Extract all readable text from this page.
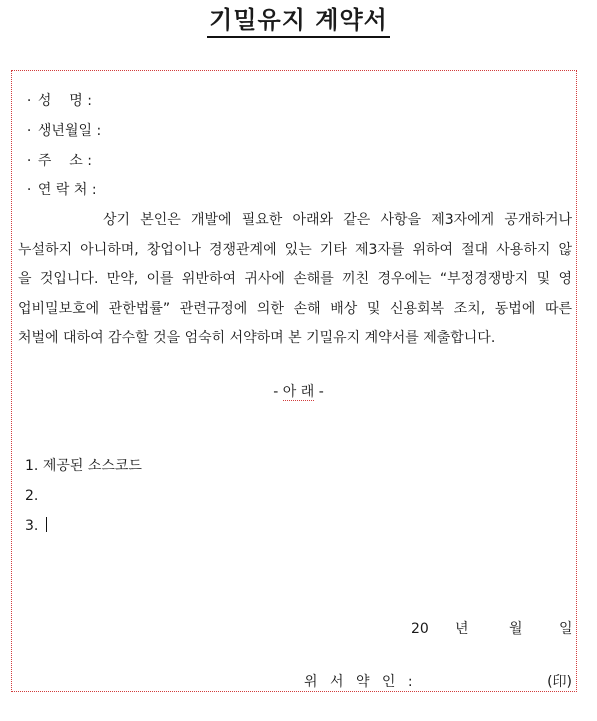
기밀유지 계약서

· 성    명 :

· 생년월일 :

· 주    소 :

· 연 락 처 :

상기 본인은 개발에 필요한 아래와 같은 사항을 제3자에게 공개하거나
누설하지 아니하며, 창업이나 경쟁관계에 있는 기타 제3자를 위하여 절대 사용하지 않
을 것입니다. 만약, 이를 위반하여 귀사에 손해를 끼친 경우에는 “부정경쟁방지 및 영
업비밀보호에 관한법률” 관련규정에 의한 손해 배상 및 신용회복 조치, 동법에 따른
처벌에 대하여 감수할 것을 엄숙히 서약하며 본 기밀유지 계약서를 제출합니다.
- 아 래 -
1. 제공된 소스코드
2.
3.
20 년	월	일
위 서 약 인 :	(印)
